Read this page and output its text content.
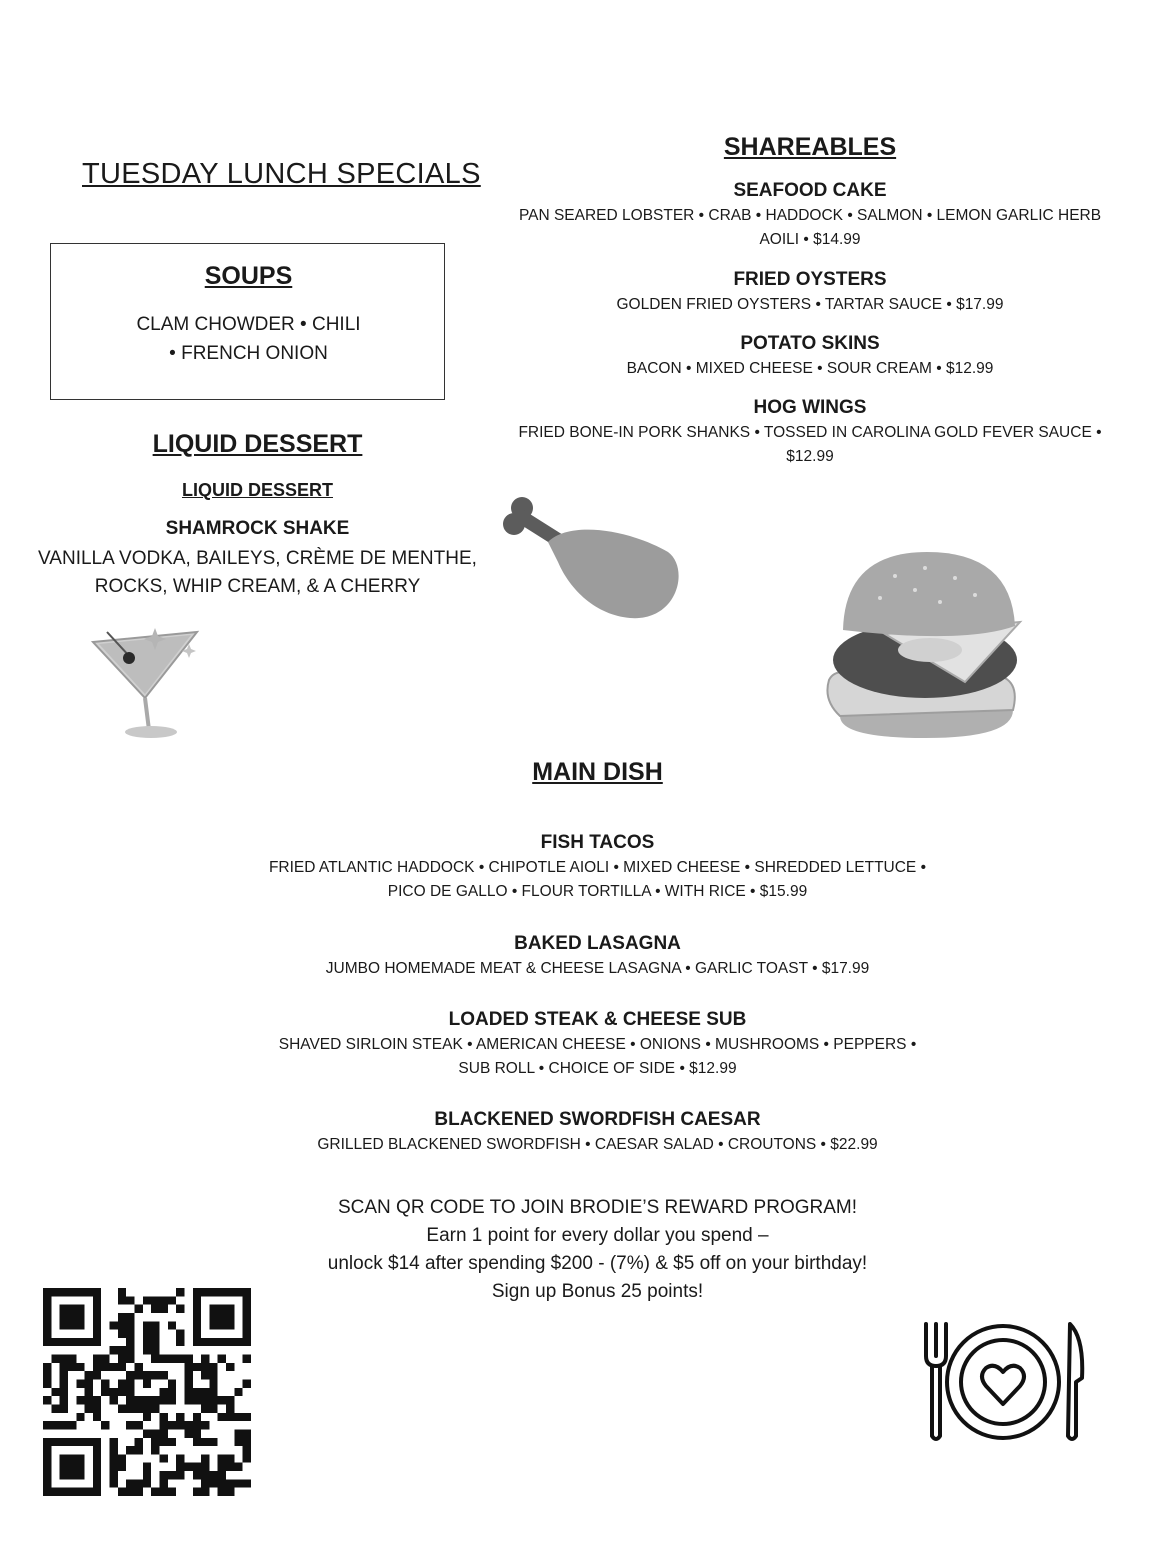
TUESDAY LUNCH SPECIALS
SOUPS
CLAM CHOWDER • CHILI
• FRENCH ONION
LIQUID DESSERT
LIQUID DESSERT
SHAMROCK SHAKE
VANILLA VODKA, BAILEYS, CRÈME DE MENTHE,
ROCKS, WHIP CREAM, & A CHERRY
SHAREABLES
SEAFOOD CAKE
PAN SEARED LOBSTER • CRAB • HADDOCK • SALMON • LEMON GARLIC HERB
AOILI • $14.99
FRIED OYSTERS
GOLDEN FRIED OYSTERS • TARTAR SAUCE • $17.99
POTATO SKINS
BACON • MIXED CHEESE • SOUR CREAM • $12.99
HOG WINGS
FRIED BONE-IN PORK SHANKS • TOSSED IN CAROLINA GOLD FEVER SAUCE •
$12.99
MAIN DISH
FISH TACOS
FRIED ATLANTIC HADDOCK • CHIPOTLE AIOLI • MIXED CHEESE • SHREDDED LETTUCE •
PICO DE GALLO • FLOUR TORTILLA • WITH RICE • $15.99
BAKED LASAGNA
JUMBO HOMEMADE MEAT & CHEESE LASAGNA • GARLIC TOAST • $17.99
LOADED STEAK & CHEESE SUB
SHAVED SIRLOIN STEAK • AMERICAN CHEESE • ONIONS • MUSHROOMS • PEPPERS •
SUB ROLL • CHOICE OF SIDE • $12.99
BLACKENED SWORDFISH CAESAR
GRILLED BLACKENED SWORDFISH • CAESAR SALAD • CROUTONS • $22.99
SCAN QR CODE TO JOIN BRODIE’S REWARD PROGRAM!
Earn 1 point for every dollar you spend –
unlock $14 after spending $200 - (7%) & $5 off on your birthday!
Sign up Bonus 25 points!
